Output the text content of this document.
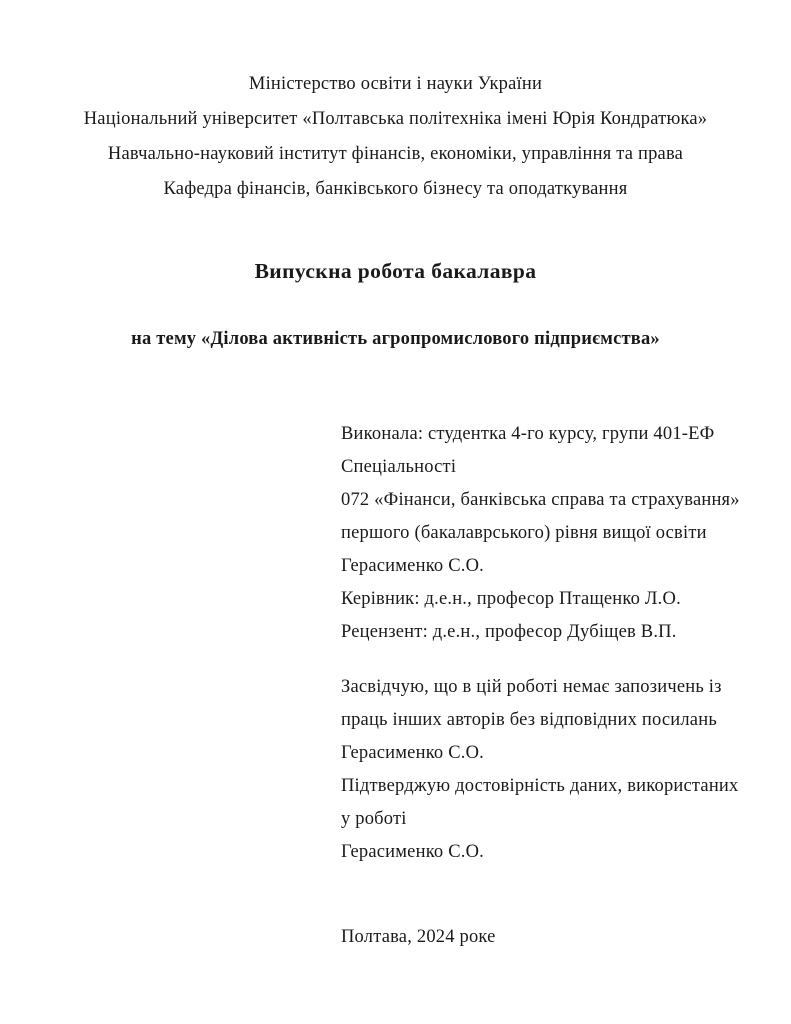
Міністерство освіти і науки України
Національний університет «Полтавська політехніка імені Юрія Кондратюка»
Навчально-науковий інститут фінансів, економіки, управління та права
Кафедра фінансів, банківського бізнесу та оподаткування
Випускна робота бакалавра
на тему «Ділова активність агропромислового підприємства»
Виконала: студентка 4-го курсу, групи 401-ЕФ
Спеціальності
072 «Фінанси, банківська справа та страхування»
першого (бакалаврського) рівня вищої освіти
Герасименко С.О.
Керівник: д.е.н., професор Птащенко Л.О.
Рецензент: д.е.н., професор Дубіщев В.П.
Засвідчую, що в цій роботі немає запозичень із
праць інших авторів без відповідних посилань
Герасименко С.О.
Підтверджую достовірність даних, використаних
у роботі
Герасименко С.О.
Полтава, 2024 роке
